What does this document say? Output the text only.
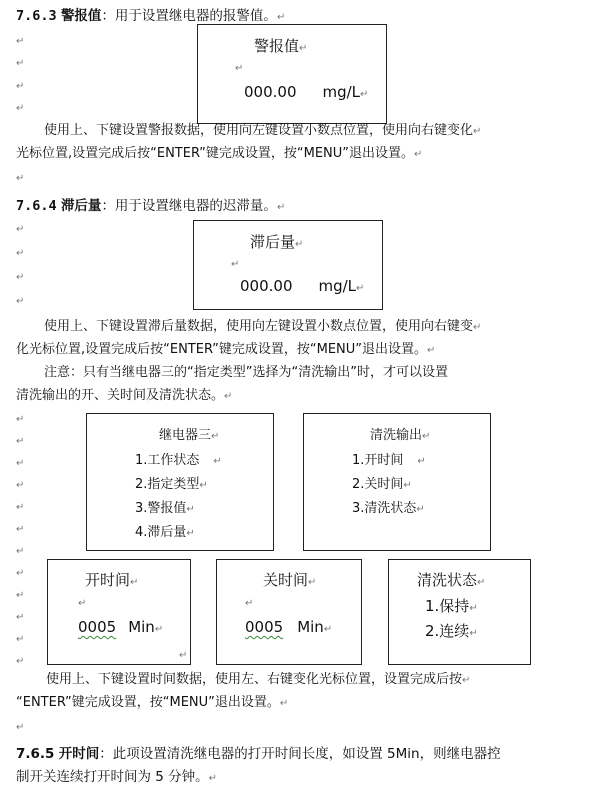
7.6.3 警报值：用于设置继电器的报警值。↵
↵
↵
↵
↵
警报值↵
↵
000.00 mg/L↵
使用上、下键设置警报数据，使用向左键设置小数点位置，使用向右键变化↵
光标位置,设置完成后按“ENTER”键完成设置，按“MENU”退出设置。↵
↵
7.6.4 滞后量：用于设置继电器的迟滞量。↵
↵
↵
↵
↵
滞后量↵
↵
000.00 mg/L↵
使用上、下键设置滞后量数据，使用向左键设置小数点位置，使用向右键变↵
化光标位置,设置完成后按“ENTER”键完成设置，按“MENU”退出设置。↵
注意：只有当继电器三的“指定类型”选择为“清洗输出”时，才可以设置
清洗输出的开、关时间及清洗状态。↵
↵
↵
↵
↵
↵
↵
↵
↵
↵
↵
↵
↵
继电器三↵
1.工作状态 ↵
2.指定类型↵
3.警报值↵
4.滞后量↵
清洗输出↵
1.开时间 ↵
2.关时间↵
3.清洗状态↵
开时间↵
↵
0005 Min↵
↵
关时间↵
↵
0005 Min↵
清洗状态↵
1.保持↵
2.连续↵
使用上、下键设置时间数据，使用左、右键变化光标位置，设置完成后按↵
“ENTER”键完成设置，按“MENU”退出设置。↵
↵
7.6.5 开时间：此项设置清洗继电器的打开时间长度，如设置 5Min，则继电器控
制开关连续打开时间为 5 分钟。↵
